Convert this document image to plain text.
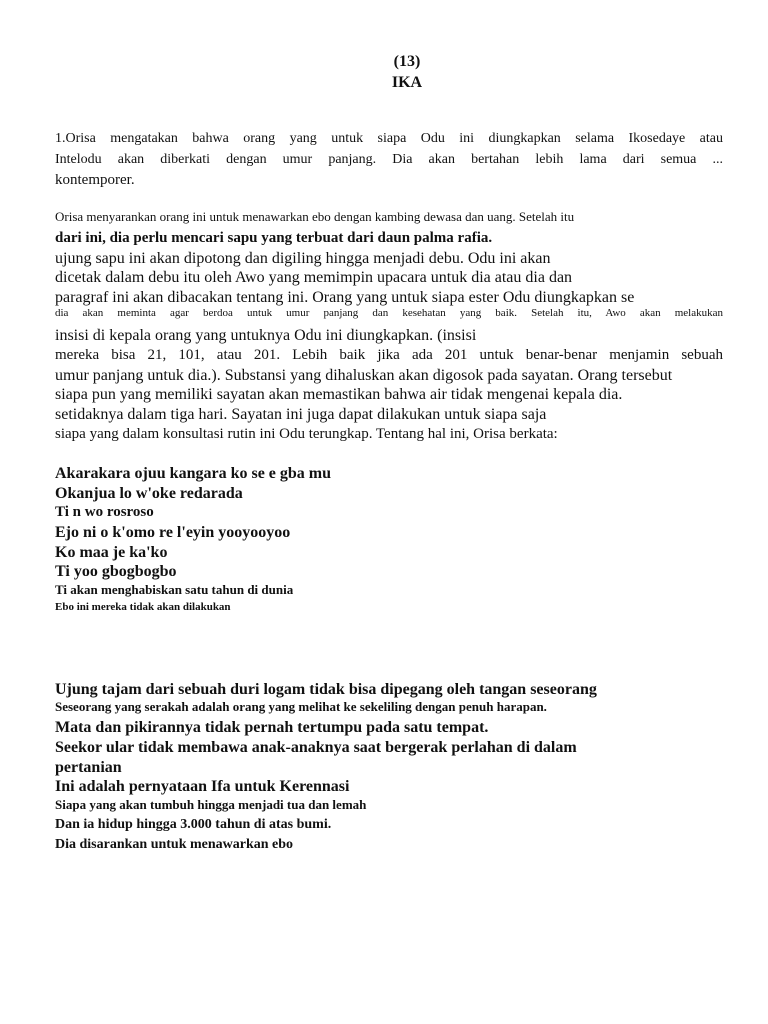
(13)
IKA
1.Orisa mengatakan bahwa orang yang untuk siapa Odu ini diungkapkan selama Ikosedaye atau
Intelodu akan diberkati dengan umur panjang. Dia akan bertahan lebih lama dari semua ...
kontemporer.
Orisa menyarankan orang ini untuk menawarkan ebo dengan kambing dewasa dan uang. Setelah itu
dari ini, dia perlu mencari sapu yang terbuat dari daun palma rafia.
ujung sapu ini akan dipotong dan digiling hingga menjadi debu. Odu ini akan
dicetak dalam debu itu oleh Awo yang memimpin upacara untuk dia atau dia dan
paragraf ini akan dibacakan tentang ini. Orang yang untuk siapa ester Odu diungkapkan se
dia akan meminta agar berdoa untuk umur panjang dan kesehatan yang baik. Setelah itu, Awo akan melakukan
insisi di kepala orang yang untuknya Odu ini diungkapkan. (insisi
mereka bisa 21, 101, atau 201. Lebih baik jika ada 201 untuk benar-benar menjamin sebuah
umur panjang untuk dia.). Substansi yang dihaluskan akan digosok pada sayatan. Orang tersebut
siapa pun yang memiliki sayatan akan memastikan bahwa air tidak mengenai kepala dia.
setidaknya dalam tiga hari. Sayatan ini juga dapat dilakukan untuk siapa saja
siapa yang dalam konsultasi rutin ini Odu terungkap. Tentang hal ini, Orisa berkata:
Akarakara ojuu kangara ko se e gba mu
Okanjua lo w'oke redarada
Ti n wo rosroso
Ejo ni o k'omo re l'eyin yooyooyoo
Ko maa je ka'ko
Ti yoo gbogbogbo
Ti akan menghabiskan satu tahun di dunia
Ebo ini mereka tidak akan dilakukan
Ujung tajam dari sebuah duri logam tidak bisa dipegang oleh tangan seseorang
Seseorang yang serakah adalah orang yang melihat ke sekeliling dengan penuh harapan.
Mata dan pikirannya tidak pernah tertumpu pada satu tempat.
Seekor ular tidak membawa anak-anaknya saat bergerak perlahan di dalam
pertanian
Ini adalah pernyataan Ifa untuk Kerennasi
Siapa yang akan tumbuh hingga menjadi tua dan lemah
Dan ia hidup hingga 3.000 tahun di atas bumi.
Dia disarankan untuk menawarkan ebo
